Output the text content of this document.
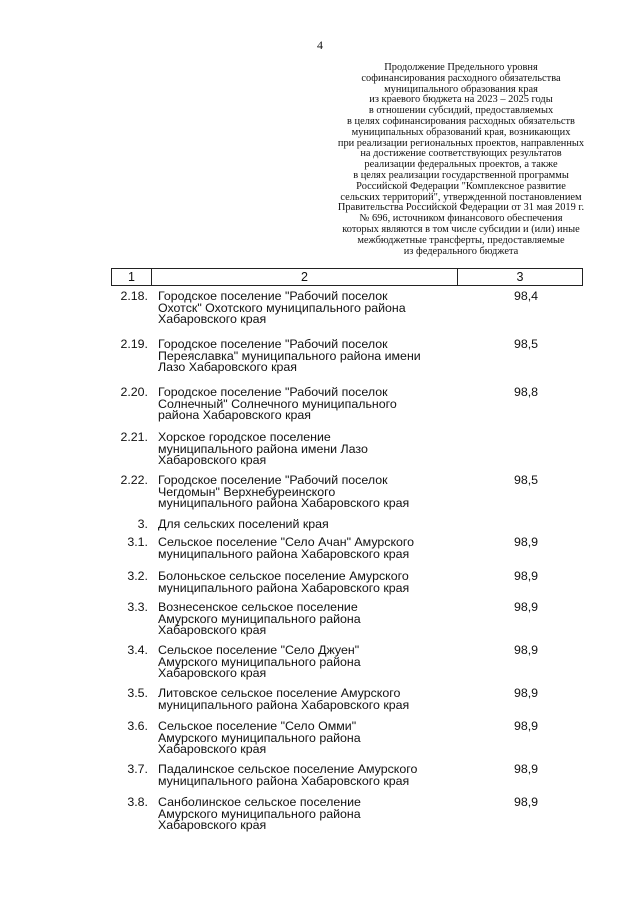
4
Продолжение Предельного уровня
софинансирования расходного обязательства
муниципального образования края
из краевого бюджета на 2023 – 2025 годы
в отношении субсидий, предоставляемых
в целях софинансирования расходных обязательств
муниципальных образований края, возникающих
при реализации региональных проектов, направленных
на достижение соответствующих результатов
реализации федеральных проектов, а также
в целях реализации государственной программы
Российской Федерации "Комплексное развитие
сельских территорий", утвержденной постановлением
Правительства Российской Федерации от 31 мая 2019 г.
№ 696, источником финансового обеспечения
которых являются в том числе субсидии и (или) иные
межбюджетные трансферты, предоставляемые
из федерального бюджета
1	2	3
2.18. Городское поселение "Рабочий поселок
Охотск" Охотского муниципального района
Хабаровского края
98,4
2.19. Городское поселение "Рабочий поселок
Переяславка" муниципального района имени
Лазо Хабаровского края
98,5
2.20. Городское поселение "Рабочий поселок
Солнечный" Солнечного муниципального
района Хабаровского края
98,8
2.21. Хорское городское поселение
муниципального района имени Лазо
Хабаровского края
2.22. Городское поселение "Рабочий поселок
Чегдомын" Верхнебуреинского
муниципального района Хабаровского края
98,5
3. Для сельских поселений края
3.1. Сельское поселение "Село Ачан" Амурского
муниципального района Хабаровского края
98,9
3.2. Болоньское сельское поселение Амурского
муниципального района Хабаровского края
98,9
3.3. Вознесенское сельское поселение
Амурского муниципального района
Хабаровского края
98,9
3.4. Сельское поселение "Село Джуен"
Амурского муниципального района
Хабаровского края
98,9
3.5. Литовское сельское поселение Амурского
муниципального района Хабаровского края
98,9
3.6. Сельское поселение "Село Омми"
Амурского муниципального района
Хабаровского края
98,9
3.7. Падалинское сельское поселение Амурского
муниципального района Хабаровского края
98,9
3.8. Санболинское сельское поселение
Амурского муниципального района
Хабаровского края
98,9
